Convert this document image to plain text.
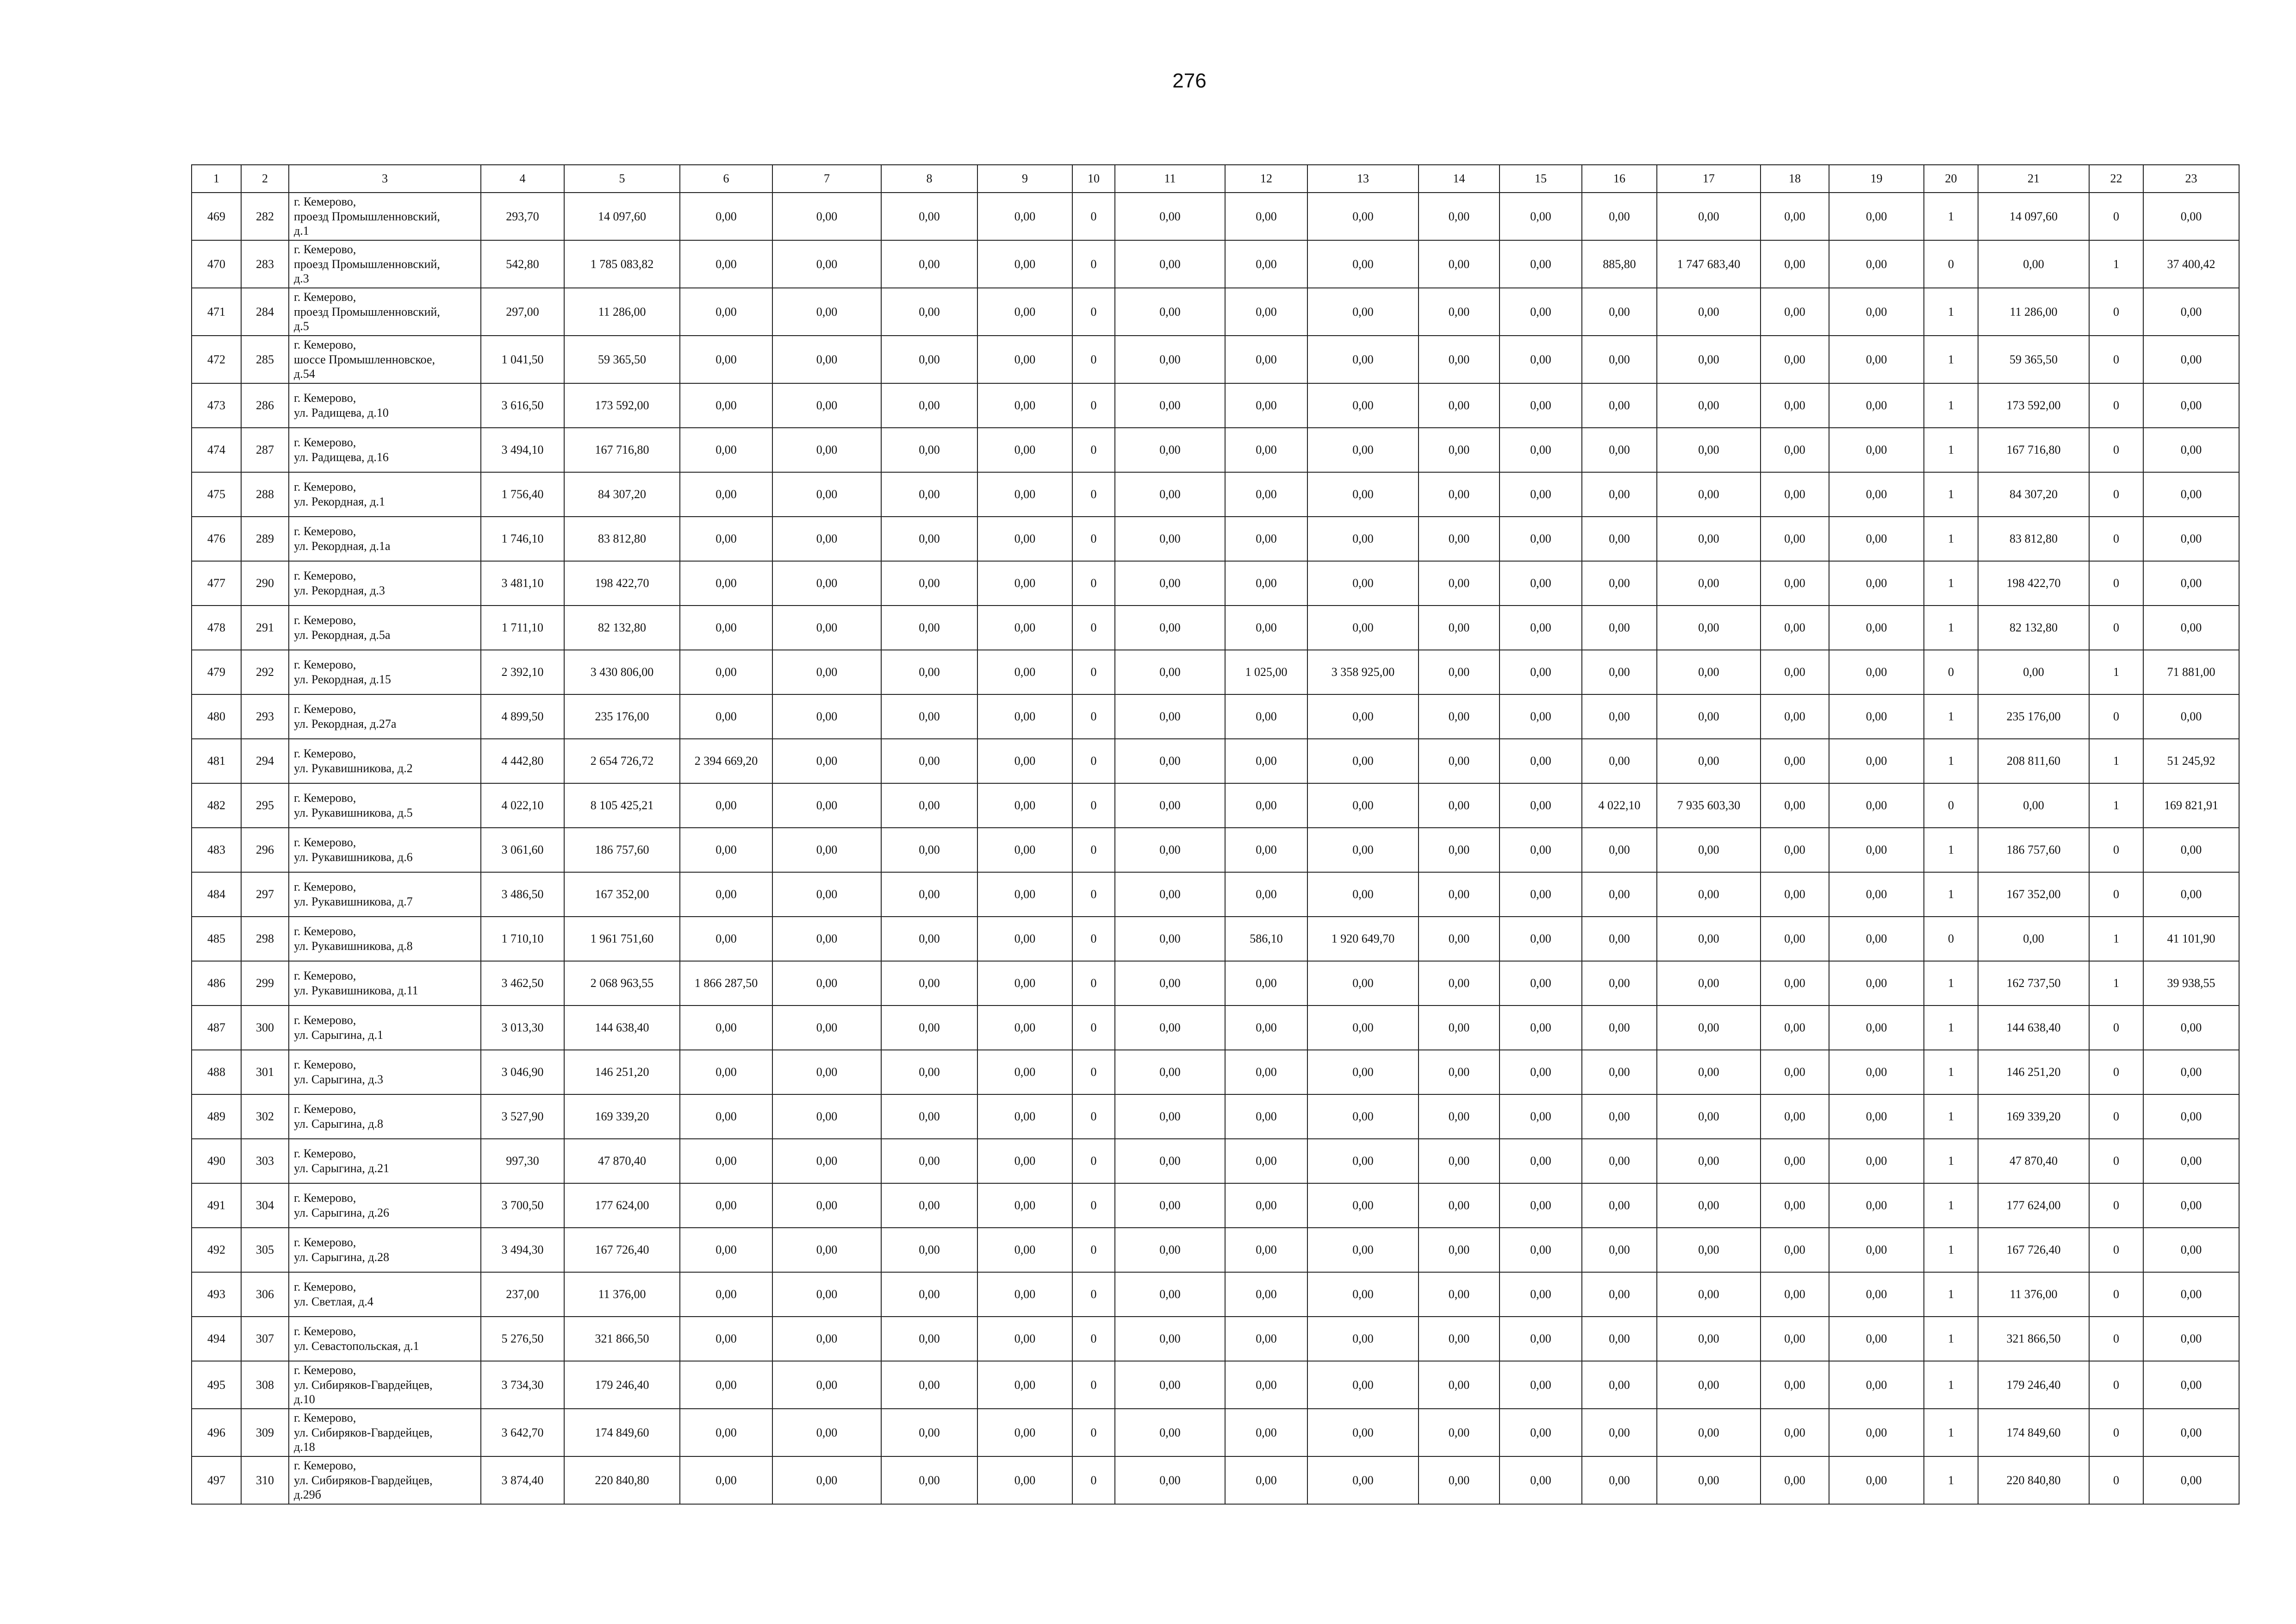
276
1	2	3	4	5	6	7	8	9	10	11	12	13	14	15	16	17	18	19	20	21	22	23
469	282	г. Кемерово,
проезд Промышленновский,
д.1	293,70	14 097,60	0,00	0,00	0,00	0,00	0	0,00	0,00	0,00	0,00	0,00	0,00	0,00	0,00	0,00	1	14 097,60	0	0,00
470	283	г. Кемерово,
проезд Промышленновский,
д.3	542,80	1 785 083,82	0,00	0,00	0,00	0,00	0	0,00	0,00	0,00	0,00	0,00	885,80	1 747 683,40	0,00	0,00	0	0,00	1	37 400,42
471	284	г. Кемерово,
проезд Промышленновский,
д.5	297,00	11 286,00	0,00	0,00	0,00	0,00	0	0,00	0,00	0,00	0,00	0,00	0,00	0,00	0,00	0,00	1	11 286,00	0	0,00
472	285	г. Кемерово,
шоссе Промышленновское,
д.54	1 041,50	59 365,50	0,00	0,00	0,00	0,00	0	0,00	0,00	0,00	0,00	0,00	0,00	0,00	0,00	0,00	1	59 365,50	0	0,00
473	286	г. Кемерово,
ул. Радищева, д.10	3 616,50	173 592,00	0,00	0,00	0,00	0,00	0	0,00	0,00	0,00	0,00	0,00	0,00	0,00	0,00	0,00	1	173 592,00	0	0,00
474	287	г. Кемерово,
ул. Радищева, д.16	3 494,10	167 716,80	0,00	0,00	0,00	0,00	0	0,00	0,00	0,00	0,00	0,00	0,00	0,00	0,00	0,00	1	167 716,80	0	0,00
475	288	г. Кемерово,
ул. Рекордная, д.1	1 756,40	84 307,20	0,00	0,00	0,00	0,00	0	0,00	0,00	0,00	0,00	0,00	0,00	0,00	0,00	0,00	1	84 307,20	0	0,00
476	289	г. Кемерово,
ул. Рекордная, д.1а	1 746,10	83 812,80	0,00	0,00	0,00	0,00	0	0,00	0,00	0,00	0,00	0,00	0,00	0,00	0,00	0,00	1	83 812,80	0	0,00
477	290	г. Кемерово,
ул. Рекордная, д.3	3 481,10	198 422,70	0,00	0,00	0,00	0,00	0	0,00	0,00	0,00	0,00	0,00	0,00	0,00	0,00	0,00	1	198 422,70	0	0,00
478	291	г. Кемерово,
ул. Рекордная, д.5а	1 711,10	82 132,80	0,00	0,00	0,00	0,00	0	0,00	0,00	0,00	0,00	0,00	0,00	0,00	0,00	0,00	1	82 132,80	0	0,00
479	292	г. Кемерово,
ул. Рекордная, д.15	2 392,10	3 430 806,00	0,00	0,00	0,00	0,00	0	0,00	1 025,00	3 358 925,00	0,00	0,00	0,00	0,00	0,00	0,00	0	0,00	1	71 881,00
480	293	г. Кемерово,
ул. Рекордная, д.27а	4 899,50	235 176,00	0,00	0,00	0,00	0,00	0	0,00	0,00	0,00	0,00	0,00	0,00	0,00	0,00	0,00	1	235 176,00	0	0,00
481	294	г. Кемерово,
ул. Рукавишникова, д.2	4 442,80	2 654 726,72	2 394 669,20	0,00	0,00	0,00	0	0,00	0,00	0,00	0,00	0,00	0,00	0,00	0,00	0,00	1	208 811,60	1	51 245,92
482	295	г. Кемерово,
ул. Рукавишникова, д.5	4 022,10	8 105 425,21	0,00	0,00	0,00	0,00	0	0,00	0,00	0,00	0,00	0,00	4 022,10	7 935 603,30	0,00	0,00	0	0,00	1	169 821,91
483	296	г. Кемерово,
ул. Рукавишникова, д.6	3 061,60	186 757,60	0,00	0,00	0,00	0,00	0	0,00	0,00	0,00	0,00	0,00	0,00	0,00	0,00	0,00	1	186 757,60	0	0,00
484	297	г. Кемерово,
ул. Рукавишникова, д.7	3 486,50	167 352,00	0,00	0,00	0,00	0,00	0	0,00	0,00	0,00	0,00	0,00	0,00	0,00	0,00	0,00	1	167 352,00	0	0,00
485	298	г. Кемерово,
ул. Рукавишникова, д.8	1 710,10	1 961 751,60	0,00	0,00	0,00	0,00	0	0,00	586,10	1 920 649,70	0,00	0,00	0,00	0,00	0,00	0,00	0	0,00	1	41 101,90
486	299	г. Кемерово,
ул. Рукавишникова, д.11	3 462,50	2 068 963,55	1 866 287,50	0,00	0,00	0,00	0	0,00	0,00	0,00	0,00	0,00	0,00	0,00	0,00	0,00	1	162 737,50	1	39 938,55
487	300	г. Кемерово,
ул. Сарыгина, д.1	3 013,30	144 638,40	0,00	0,00	0,00	0,00	0	0,00	0,00	0,00	0,00	0,00	0,00	0,00	0,00	0,00	1	144 638,40	0	0,00
488	301	г. Кемерово,
ул. Сарыгина, д.3	3 046,90	146 251,20	0,00	0,00	0,00	0,00	0	0,00	0,00	0,00	0,00	0,00	0,00	0,00	0,00	0,00	1	146 251,20	0	0,00
489	302	г. Кемерово,
ул. Сарыгина, д.8	3 527,90	169 339,20	0,00	0,00	0,00	0,00	0	0,00	0,00	0,00	0,00	0,00	0,00	0,00	0,00	0,00	1	169 339,20	0	0,00
490	303	г. Кемерово,
ул. Сарыгина, д.21	997,30	47 870,40	0,00	0,00	0,00	0,00	0	0,00	0,00	0,00	0,00	0,00	0,00	0,00	0,00	0,00	1	47 870,40	0	0,00
491	304	г. Кемерово,
ул. Сарыгина, д.26	3 700,50	177 624,00	0,00	0,00	0,00	0,00	0	0,00	0,00	0,00	0,00	0,00	0,00	0,00	0,00	0,00	1	177 624,00	0	0,00
492	305	г. Кемерово,
ул. Сарыгина, д.28	3 494,30	167 726,40	0,00	0,00	0,00	0,00	0	0,00	0,00	0,00	0,00	0,00	0,00	0,00	0,00	0,00	1	167 726,40	0	0,00
493	306	г. Кемерово,
ул. Светлая, д.4	237,00	11 376,00	0,00	0,00	0,00	0,00	0	0,00	0,00	0,00	0,00	0,00	0,00	0,00	0,00	0,00	1	11 376,00	0	0,00
494	307	г. Кемерово,
ул. Севастопольская, д.1	5 276,50	321 866,50	0,00	0,00	0,00	0,00	0	0,00	0,00	0,00	0,00	0,00	0,00	0,00	0,00	0,00	1	321 866,50	0	0,00
495	308	г. Кемерово,
ул. Сибиряков-Гвардейцев,
д.10	3 734,30	179 246,40	0,00	0,00	0,00	0,00	0	0,00	0,00	0,00	0,00	0,00	0,00	0,00	0,00	0,00	1	179 246,40	0	0,00
496	309	г. Кемерово,
ул. Сибиряков-Гвардейцев,
д.18	3 642,70	174 849,60	0,00	0,00	0,00	0,00	0	0,00	0,00	0,00	0,00	0,00	0,00	0,00	0,00	0,00	1	174 849,60	0	0,00
497	310	г. Кемерово,
ул. Сибиряков-Гвардейцев,
д.29б	3 874,40	220 840,80	0,00	0,00	0,00	0,00	0	0,00	0,00	0,00	0,00	0,00	0,00	0,00	0,00	0,00	1	220 840,80	0	0,00
